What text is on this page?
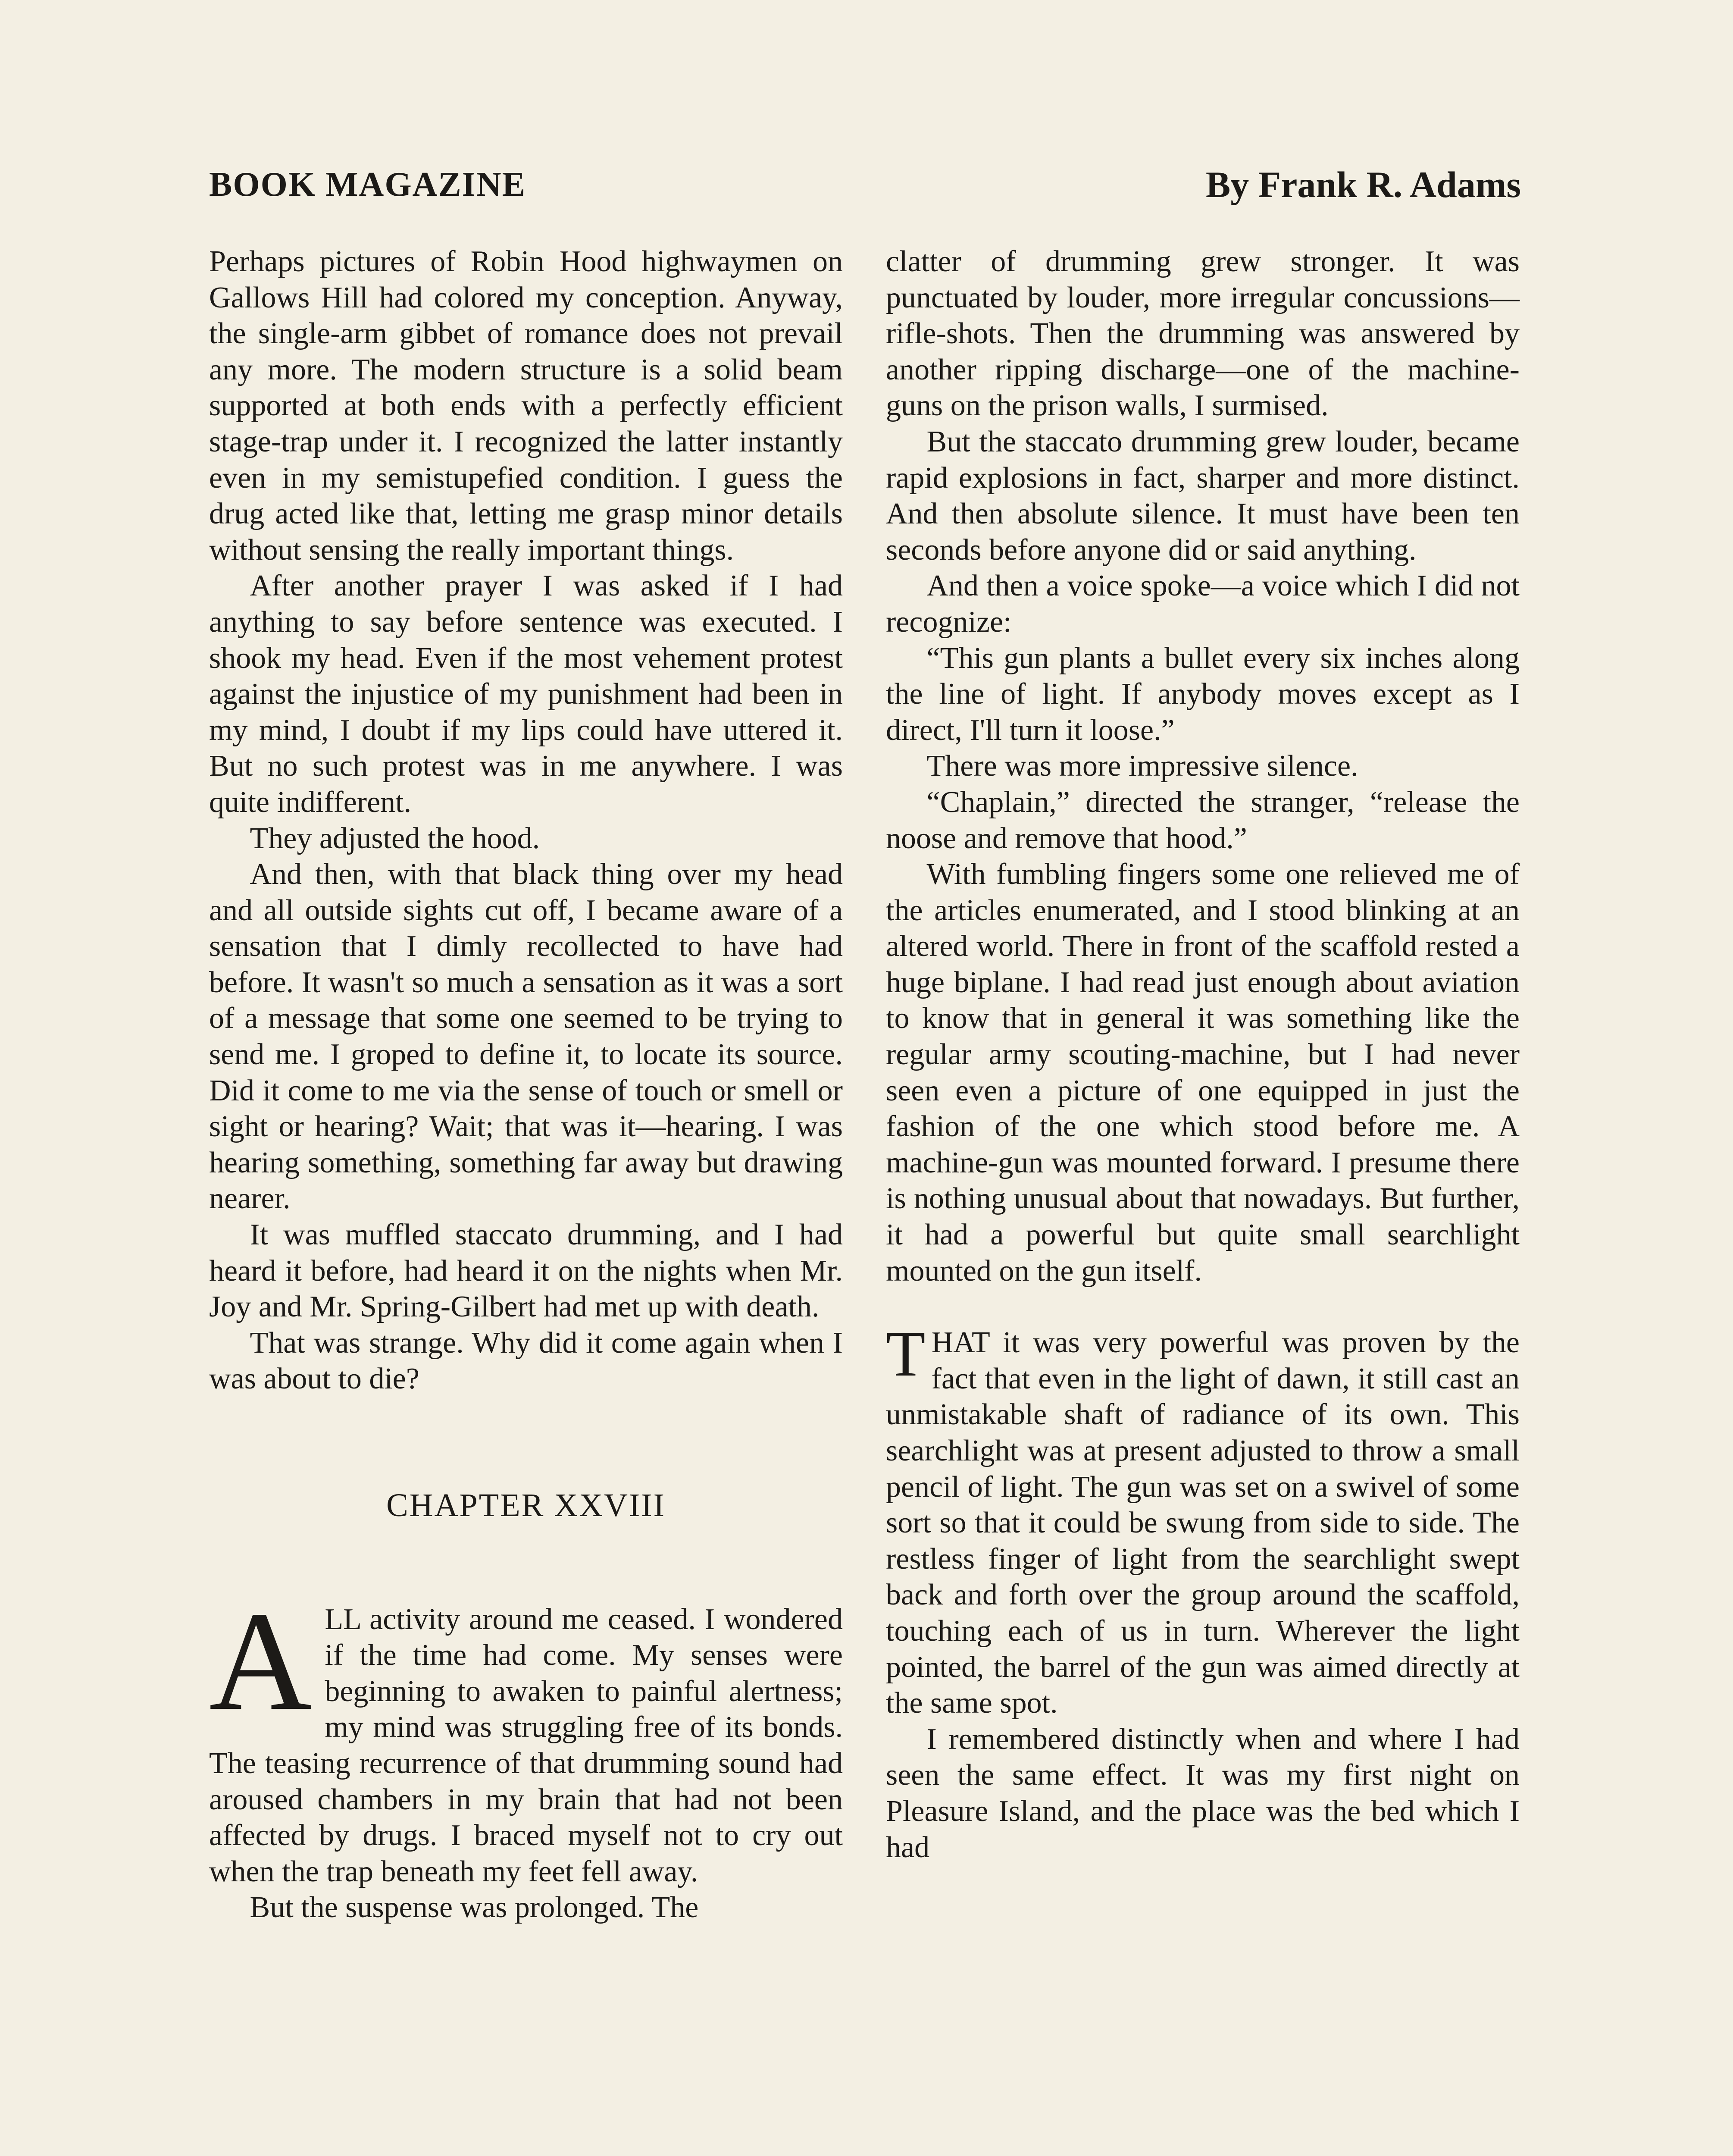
BOOK MAGAZINE	By Frank R. Adams

Perhaps pictures of Robin Hood highwaymen on Gallows Hill had colored my conception. Anyway, the single-arm gibbet of romance does not prevail any more. The modern structure is a solid beam supported at both ends with a perfectly efficient stage-trap under it. I recognized the latter instantly even in my semistupefied condition. I guess the drug acted like that, letting me grasp minor details without sensing the really important things.

After another prayer I was asked if I had anything to say before sentence was executed. I shook my head. Even if the most vehement protest against the injustice of my punishment had been in my mind, I doubt if my lips could have uttered it. But no such protest was in me anywhere. I was quite indifferent.

They adjusted the hood.

And then, with that black thing over my head and all outside sights cut off, I became aware of a sensation that I dimly recollected to have had before. It wasn't so much a sensation as it was a sort of a message that some one seemed to be trying to send me. I groped to define it, to locate its source. Did it come to me via the sense of touch or smell or sight or hearing? Wait; that was it—hearing. I was hearing something, something far away but drawing nearer.

It was muffled staccato drumming, and I had heard it before, had heard it on the nights when Mr. Joy and Mr. Spring-Gilbert had met up with death.

That was strange. Why did it come again when I was about to die?

CHAPTER XXVIII

ALL activity around me ceased. I wondered if the time had come. My senses were beginning to awaken to painful alertness; my mind was struggling free of its bonds. The teasing recurrence of that drumming sound had aroused chambers in my brain that had not been affected by drugs. I braced myself not to cry out when the trap beneath my feet fell away.

But the suspense was prolonged. The

clatter of drumming grew stronger. It was punctuated by louder, more irregular concussions—rifle-shots. Then the drumming was answered by another ripping discharge—one of the machine-guns on the prison walls, I surmised.

But the staccato drumming grew louder, became rapid explosions in fact, sharper and more distinct. And then absolute silence. It must have been ten seconds before anyone did or said anything.

And then a voice spoke—a voice which I did not recognize:

“This gun plants a bullet every six inches along the line of light. If anybody moves except as I direct, I'll turn it loose.”

There was more impressive silence.

“Chaplain,” directed the stranger, “release the noose and remove that hood.”

With fumbling fingers some one relieved me of the articles enumerated, and I stood blinking at an altered world. There in front of the scaffold rested a huge biplane. I had read just enough about aviation to know that in general it was something like the regular army scouting-machine, but I had never seen even a picture of one equipped in just the fashion of the one which stood before me. A machine-gun was mounted forward. I presume there is nothing unusual about that nowadays. But further, it had a powerful but quite small searchlight mounted on the gun itself.

THAT it was very powerful was proven by the fact that even in the light of dawn, it still cast an unmistakable shaft of radiance of its own. This searchlight was at present adjusted to throw a small pencil of light. The gun was set on a swivel of some sort so that it could be swung from side to side. The restless finger of light from the searchlight swept back and forth over the group around the scaffold, touching each of us in turn. Wherever the light pointed, the barrel of the gun was aimed directly at the same spot.

I remembered distinctly when and where I had seen the same effect. It was my first night on Pleasure Island, and the place was the bed which I had
